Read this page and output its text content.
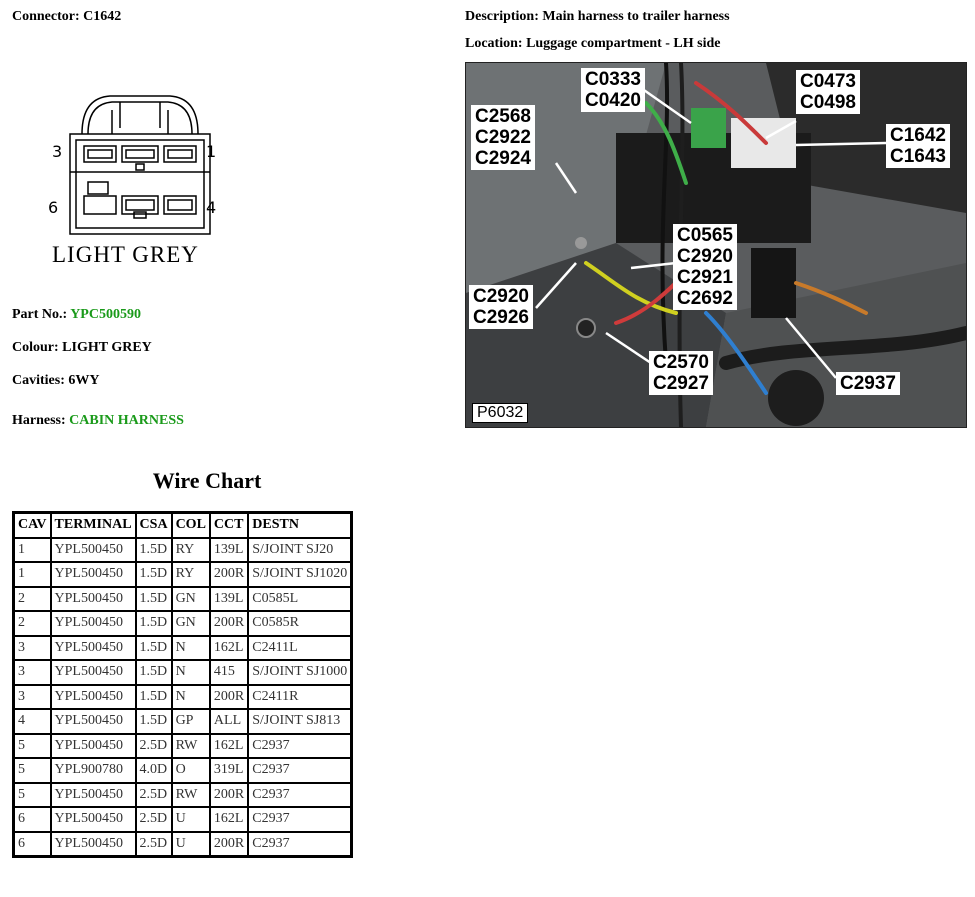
Connector: C1642	Description: Main harness to trailer harness
Location: Luggage compartment - LH side
3	1
6	4
LIGHT GREY
Part No.: YPC500590
Colour: LIGHT GREY
Cavities: 6WY
Harness: CABIN HARNESS
C0333
C0420
C0473
C0498
C2568
C2922
C2924
C1642
C1643
C0565
C2920
C2921
C2692
C2920
C2926
C2570
C2927	C2937
P6032
Wire Chart
CAV	TERMINAL	CSA	COL	CCT	DESTN
1	YPL500450	1.5D	RY	139L	S/JOINT SJ20
1	YPL500450	1.5D	RY	200R	S/JOINT SJ1020
2	YPL500450	1.5D	GN	139L	C0585L
2	YPL500450	1.5D	GN	200R	C0585R
3	YPL500450	1.5D	N	162L	C2411L
3	YPL500450	1.5D	N	415	S/JOINT SJ1000
3	YPL500450	1.5D	N	200R	C2411R
4	YPL500450	1.5D	GP	ALL	S/JOINT SJ813
5	YPL500450	2.5D	RW	162L	C2937
5	YPL900780	4.0D	O	319L	C2937
5	YPL500450	2.5D	RW	200R	C2937
6	YPL500450	2.5D	U	162L	C2937
6	YPL500450	2.5D	U	200R	C2937
